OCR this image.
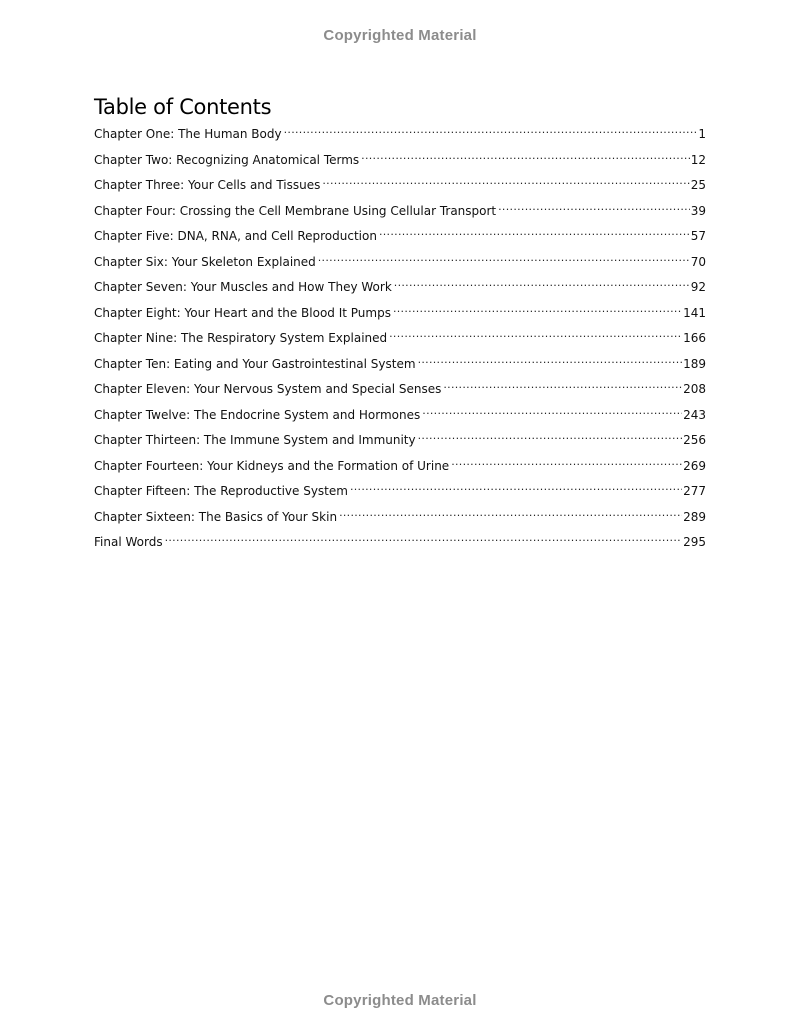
Copyrighted Material
Table of Contents
Chapter One: The Human Body .....	1
Chapter Two: Recognizing Anatomical Terms .....	12
Chapter Three: Your Cells and Tissues .....	25
Chapter Four: Crossing the Cell Membrane Using Cellular Transport .....	39
Chapter Five: DNA, RNA, and Cell Reproduction .....	57
Chapter Six: Your Skeleton Explained .....	70
Chapter Seven: Your Muscles and How They Work .....	92
Chapter Eight: Your Heart and the Blood It Pumps .....	141
Chapter Nine: The Respiratory System Explained .....	166
Chapter Ten: Eating and Your Gastrointestinal System .....	189
Chapter Eleven: Your Nervous System and Special Senses .....	208
Chapter Twelve: The Endocrine System and Hormones .....	243
Chapter Thirteen: The Immune System and Immunity .....	256
Chapter Fourteen: Your Kidneys and the Formation of Urine .....	269
Chapter Fifteen: The Reproductive System .....	277
Chapter Sixteen: The Basics of Your Skin .....	289
Final Words .....	295
Copyrighted Material
